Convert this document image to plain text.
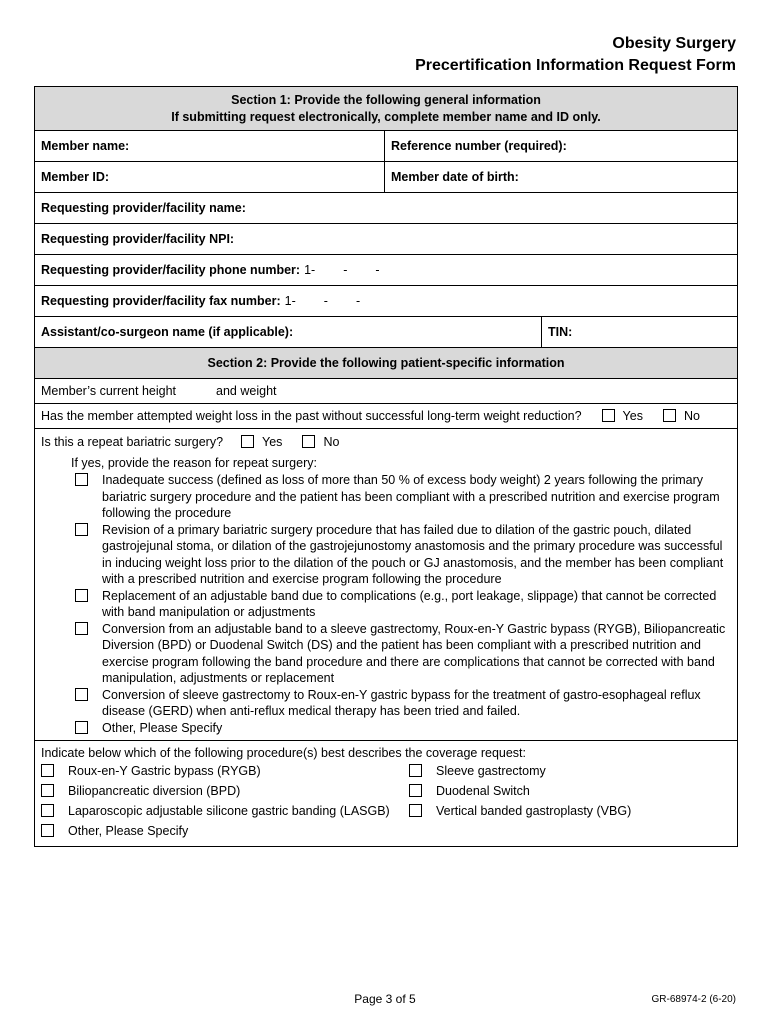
Obesity Surgery
Precertification Information Request Form
Section 1: Provide the following general information
If submitting request electronically, complete member name and ID only.
Member name:	Reference number (required):
Member ID:	Member date of birth:
Requesting provider/facility name:
Requesting provider/facility NPI:
Requesting provider/facility phone number: 1- - -
Requesting provider/facility fax number: 1- - -
Assistant/co-surgeon name (if applicable):	TIN:
Section 2: Provide the following patient-specific information
Member’s current height	and weight
Has the member attempted weight loss in the past without successful long-term weight reduction?	Yes	No
Is this a repeat bariatric surgery?	Yes	No
If yes, provide the reason for repeat surgery:
Inadequate success (defined as loss of more than 50 % of excess body weight) 2 years following the primary bariatric surgery procedure and the patient has been compliant with a prescribed nutrition and exercise program following the procedure
Revision of a primary bariatric surgery procedure that has failed due to dilation of the gastric pouch, dilated gastrojejunal stoma, or dilation of the gastrojejunostomy anastomosis and the primary procedure was successful in inducing weight loss prior to the dilation of the pouch or GJ anastomosis, and the member has been compliant with a prescribed nutrition and exercise program following the procedure
Replacement of an adjustable band due to complications (e.g., port leakage, slippage) that cannot be corrected with band manipulation or adjustments
Conversion from an adjustable band to a sleeve gastrectomy, Roux-en-Y Gastric bypass (RYGB), Biliopancreatic Diversion (BPD) or Duodenal Switch (DS) and the patient has been compliant with a prescribed nutrition and exercise program following the band procedure and there are complications that cannot be corrected with band manipulation, adjustments or replacement
Conversion of sleeve gastrectomy to Roux-en-Y gastric bypass for the treatment of gastro-esophageal reflux disease (GERD) when anti-reflux medical therapy has been tried and failed.
Other, Please Specify
Indicate below which of the following procedure(s) best describes the coverage request:
Roux-en-Y Gastric bypass (RYGB)	Sleeve gastrectomy
Biliopancreatic diversion (BPD)	Duodenal Switch
Laparoscopic adjustable silicone gastric banding (LASGB)	Vertical banded gastroplasty (VBG)
Other, Please Specify
Page 3 of 5	GR-68974-2 (6-20)
